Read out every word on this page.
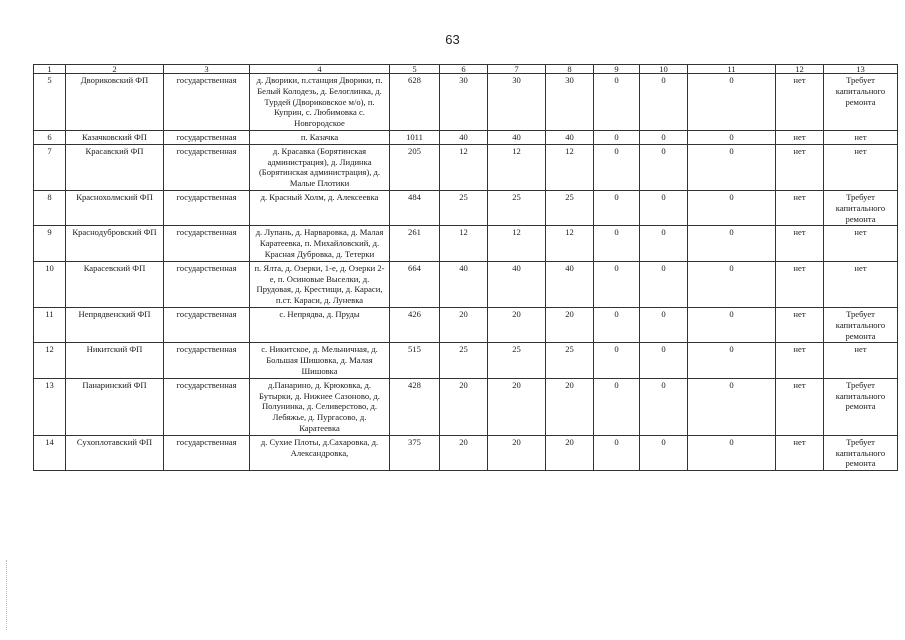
63
1	2	3	4	5	6	7	8	9	10	11	12	13
5	Двориковский ФП	государственная	д. Дворики, п.станция Дворики, п. Белый Колодезь, д. Белоглинка, д. Турдей (Двориковское м/о), п. Куприн, с. Любимовка с. Новгородское	628	30	30	30	0	0	0	нет	Требует капитального ремонта
6	Казачковский ФП	государственная	п. Казачка	1011	40	40	40	0	0	0	нет	нет
7	Красавский ФП	государственная	д. Красавка (Борятинская администрация), д. Лидинка (Борятинская администрация), д. Малые Плотики	205	12	12	12	0	0	0	нет	нет
8	Краснохолмский ФП	государственная	д. Красный Холм, д. Алексеевка	484	25	25	25	0	0	0	нет	Требует капитального ремонта
9	Краснодубровский ФП	государственная	д. Лупань, д. Нарваровка, д. Малая Каратеевка, п. Михайловский, д. Красная Дубровка, д. Тетерки	261	12	12	12	0	0	0	нет	нет
10	Карасевский ФП	государственная	п. Ялта, д. Озерки, 1-е, д. Озерки 2-е, п. Осиновые Выселки, д. Прудовая, д. Крестищи, д. Караси, п.ст. Караси, д. Луневка	664	40	40	40	0	0	0	нет	нет
11	Непрядвенский ФП	государственная	с. Непрядва, д. Пруды	426	20	20	20	0	0	0	нет	Требует капитального ремонта
12	Никитский ФП	государственная	с. Никитское, д. Мельничная, д. Большая Шишовка, д. Малая Шишовка	515	25	25	25	0	0	0	нет	нет
13	Панаринский ФП	государственная	д.Панарино, д. Крюковка, д. Бутырки, д. Нижнее Сазоново, д. Полунинка, д. Селиверстово, д. Лебяжье, д. Пургасово, д. Каратеевка	428	20	20	20	0	0	0	нет	Требует капитального ремонта
14	Сухоплотавский ФП	государственная	д. Сухие Плоты, д.Сахаровка, д. Александровка,	375	20	20	20	0	0	0	нет	Требует капитального ремонта
